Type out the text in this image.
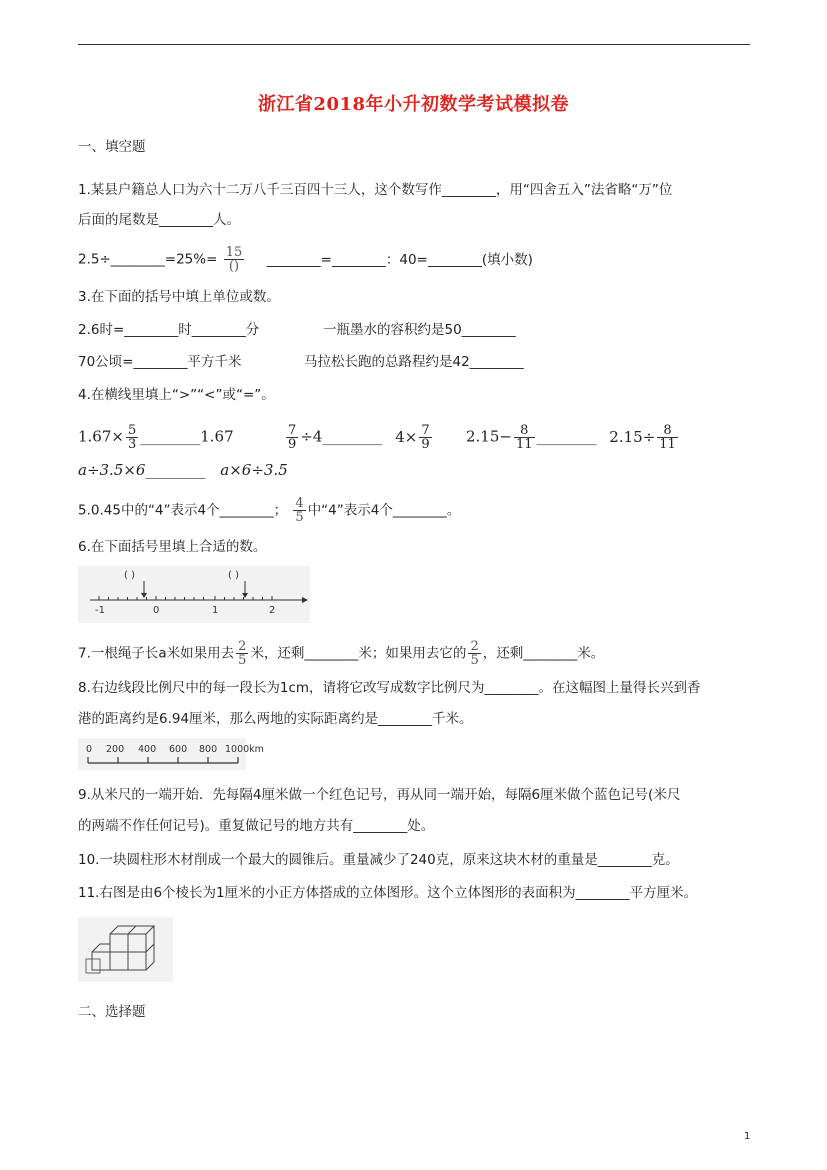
浙江省2018年小升初数学考试模拟卷
一、填空题
1.某县户籍总人口为六十二万八千三百四十三人，这个数写作________，用“四舍五入”法省略“万”位
后面的尾数是________人。
2.5÷________=25%= $\frac{15}{()}$ ________=________：40=________(填小数)
3.在下面的括号中填上单位或数。
2.6时=________时________分	一瓶墨水的容积约是50________
70公顷=________平方千米	马拉松长跑的总路程约是42________
4.在横线里填上“>”“<”或“=”。
$1.67\times \frac{5}{3}$ ________1.67	$\frac{7}{9}$ ÷4________ $4\times \frac{7}{9} 2.15- \frac{8}{11}$ ________ $2.15\div \frac{8}{11}$
a÷3.5×6________ a×6÷3.5
5.0.45中的“4”表示4个________； $\frac{4}{5}$ 中“4”表示4个________。
6.在下面括号里填上合适的数。
( )	( )
-1	0	1	2
7.一根绳子长a米如果用去 $\frac{2}{5}$ 米，还剩________米；如果用去它的 $\frac{2}{5}$ ，还剩________米。
8.右边线段比例尺中的每一段长为1cm，请将它改写成数字比例尺为________。在这幅图上量得长兴到香
港的距离约是6.94厘米，那么两地的实际距离约是________千米。
0 200 400 600 800 1000km
9.从米尺的一端开始．先每隔4厘米做一个红色记号，再从同一端开始，每隔6厘米做个蓝色记号(米尺
的两端不作任何记号)。重复做记号的地方共有________处。
10.一块圆柱形木材削成一个最大的圆锥后。重量减少了240克，原来这块木材的重量是________克。
11.右图是由6个棱长为1厘米的小正方体搭成的立体图形。这个立体图形的表面积为________平方厘米。
二、选择题
1
